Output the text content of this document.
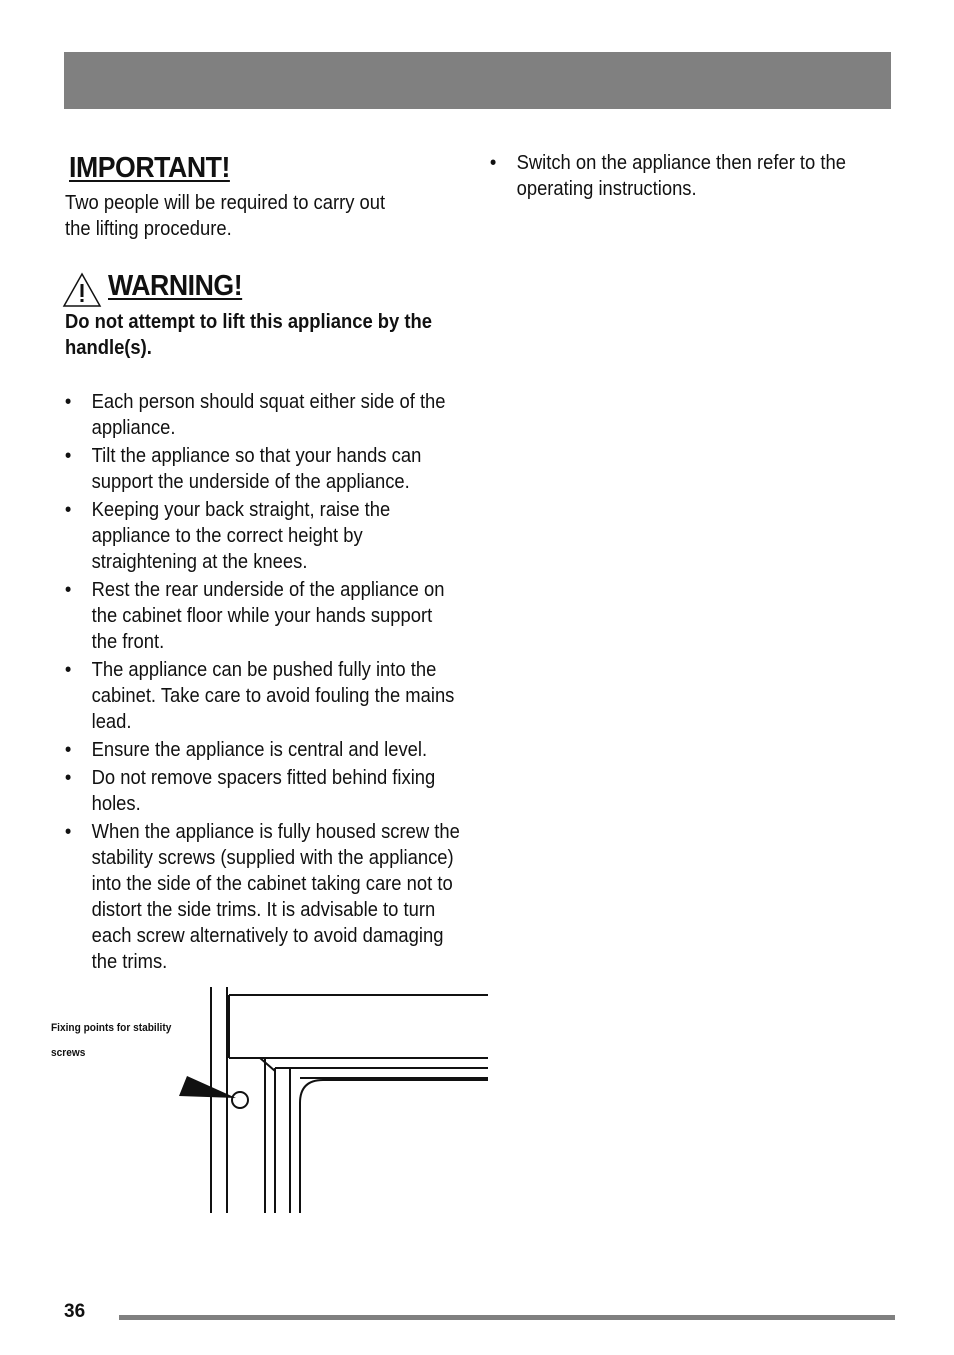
IMPORTANT!

Two people will be required to carry out the lifting procedure.

WARNING!

Do not attempt to lift this appliance by the handle(s).

• Each person should squat either side of the appliance.
• Tilt the appliance so that your hands can support the underside of the appliance.
• Keeping your back straight, raise the appliance to the correct height by straightening at the knees.
• Rest the rear underside of the appliance on the cabinet floor while your hands support the front.
• The appliance can be pushed fully into the cabinet. Take care to avoid fouling the mains lead.
• Ensure the appliance is central and level.
• Do not remove spacers fitted behind fixing holes.
• When the appliance is fully housed screw the stability screws (supplied with the appliance) into the side of the cabinet taking care not to distort the side trims. It is advisable to turn each screw alternatively to avoid damaging the trims.
• Switch on the appliance then refer to the operating instructions.

Fixing points for stability screws

36
